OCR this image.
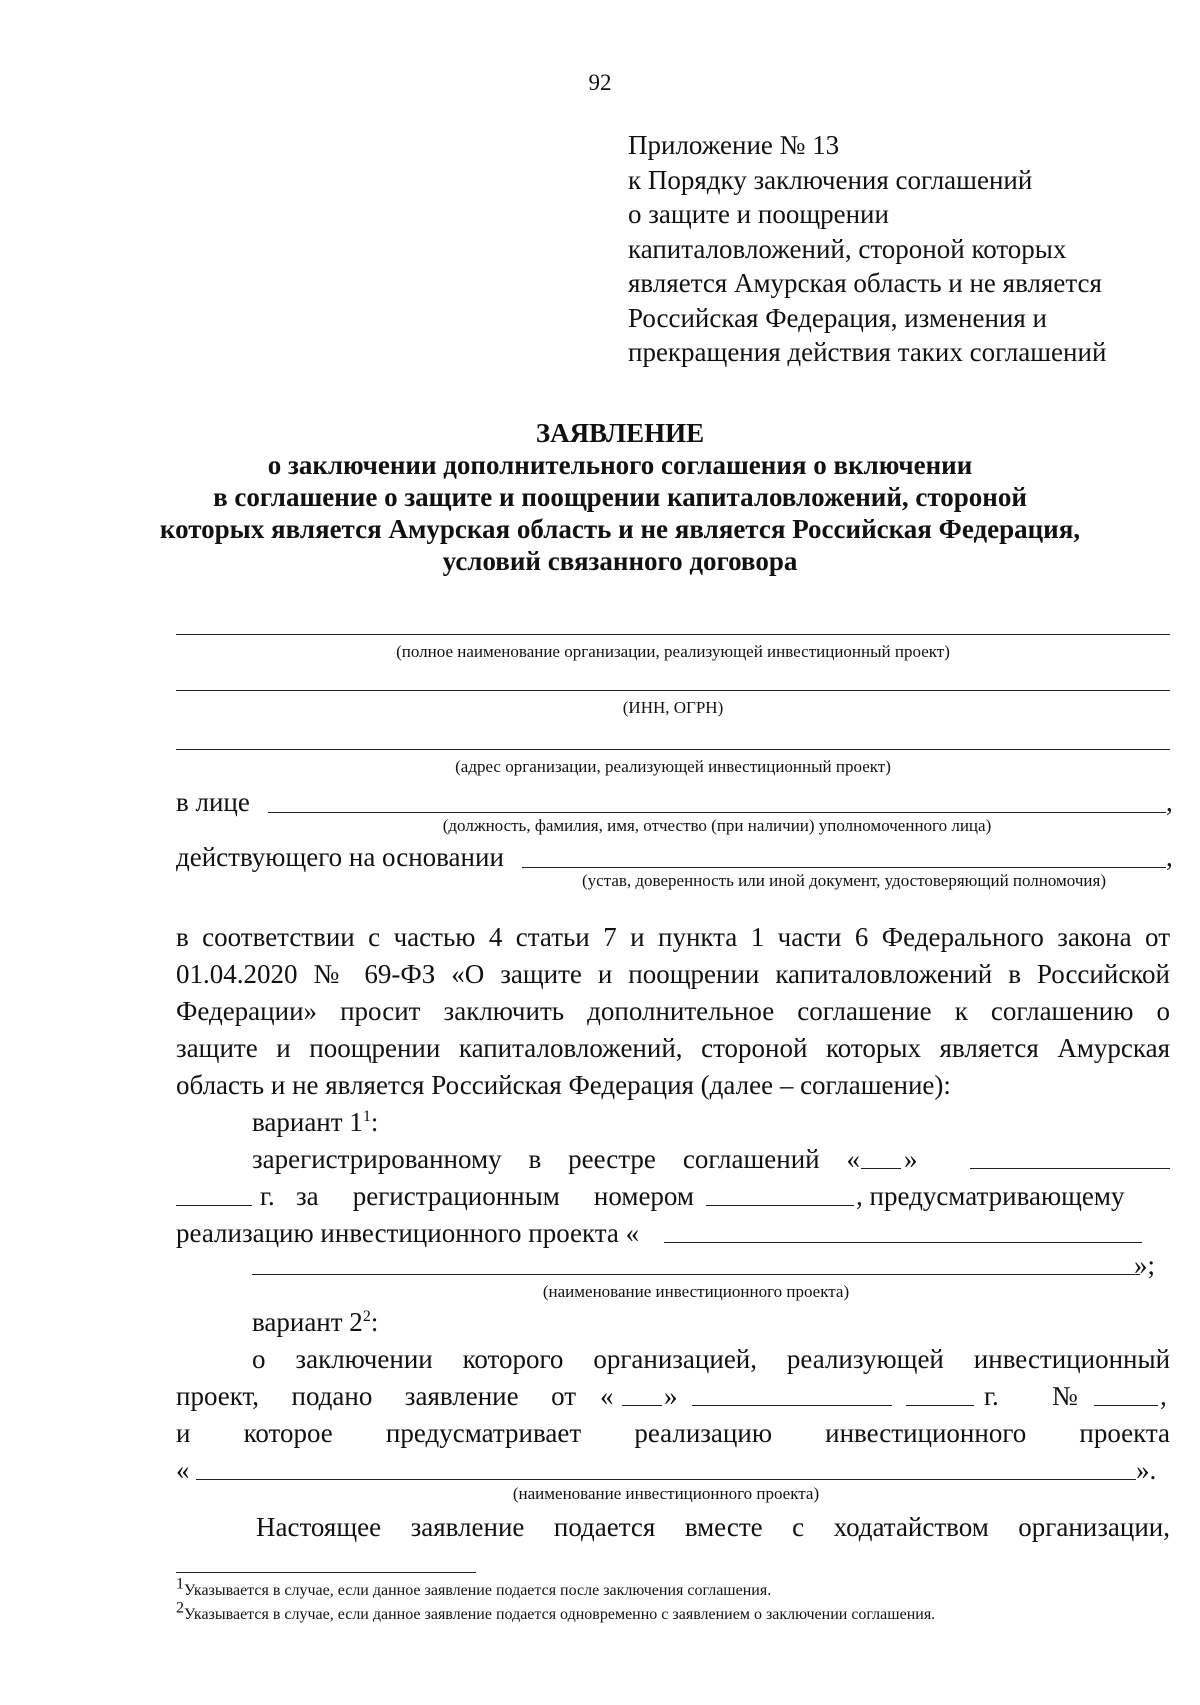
92
Приложение № 13
к Порядку заключения соглашений
о защите и поощрении
капиталовложений, стороной которых
является Амурская область и не является
Российская Федерация, изменения и
прекращения действия таких соглашений
ЗАЯВЛЕНИЕ
о заключении дополнительного соглашения о включении
в соглашение о защите и поощрении капиталовложений, стороной
которых является Амурская область и не является Российская Федерация,
условий связанного договора
(полное наименование организации, реализующей инвестиционный проект)
(ИНН, ОГРН)
(адрес организации, реализующей инвестиционный проект)
в лице	,
(должность, фамилия, имя, отчество (при наличии) уполномоченного лица)
действующего на основании	,
(устав, доверенность или иной документ, удостоверяющий полномочия)
в соответствии с частью 4 статьи 7 и пункта 1 части 6 Федерального закона от
01.04.2020 № 69-ФЗ «О защите и поощрении капиталовложений в Российской
Федерации» просит заключить дополнительное соглашение к соглашению о
защите и поощрении капиталовложений, стороной которых является Амурская
область и не является Российская Федерация (далее – соглашение):
вариант $1^1$:
зарегистрированному в реестре соглашений « »
г. за регистрационным номером	, предусматривающему
реализацию инвестиционного проекта «
»;
(наименование инвестиционного проекта)
вариант $2^2$:
о заключении которого организацией, реализующей инвестиционный
проект, подано заявление от « »	г. №	,
и которое предусматривает реализацию инвестиционного проекта
«	».
(наименование инвестиционного проекта)
Настоящее заявление подается вместе с ходатайством организации,
$^1$Указывается в случае, если данное заявление подается после заключения соглашения.
$^2$Указывается в случае, если данное заявление подается одновременно с заявлением о заключении соглашения.
